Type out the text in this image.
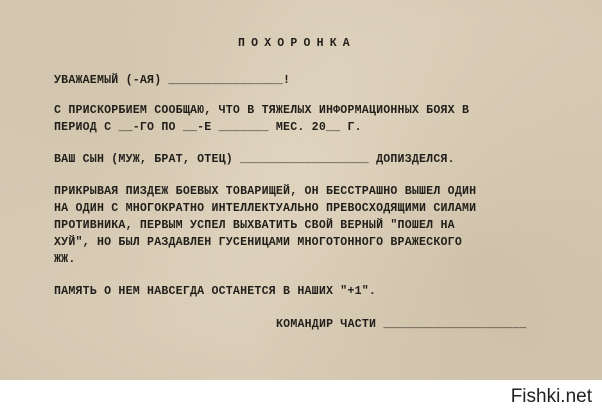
ПОХОРОНКА
УВАЖАЕМЫЙ (-АЯ) ________________!
С ПРИСКОРБИЕМ СООБЩАЮ, ЧТО В ТЯЖЕЛЫХ ИНФОРМАЦИОННЫХ БОЯХ В
ПЕРИОД С __-ГО ПО __-Е _______ МЕС. 20__ Г.
ВАШ СЫН (МУЖ, БРАТ, ОТЕЦ) __________________ ДОПИЗДЕЛСЯ.
ПРИКРЫВАЯ ПИЗДЕЖ БОЕВЫХ ТОВАРИЩЕЙ, ОН БЕССТРАШНО ВЫШЕЛ ОДИН
НА ОДИН С МНОГОКРАТНО ИНТЕЛЛЕКТУАЛЬНО ПРЕВОСХОДЯЩИМИ СИЛАМИ
ПРОТИВНИКА, ПЕРВЫМ УСПЕЛ ВЫХВАТИТЬ СВОЙ ВЕРНЫЙ "ПОШЕЛ НА
ХУЙ", НО БЫЛ РАЗДАВЛЕН ГУСЕНИЦАМИ МНОГОТОННОГО ВРАЖЕСКОГО
ЖЖ.
ПАМЯТЬ О НЕМ НАВСЕГДА ОСТАНЕТСЯ В НАШИХ "+1".
КОМАНДИР ЧАСТИ ____________________
Fishki.net
